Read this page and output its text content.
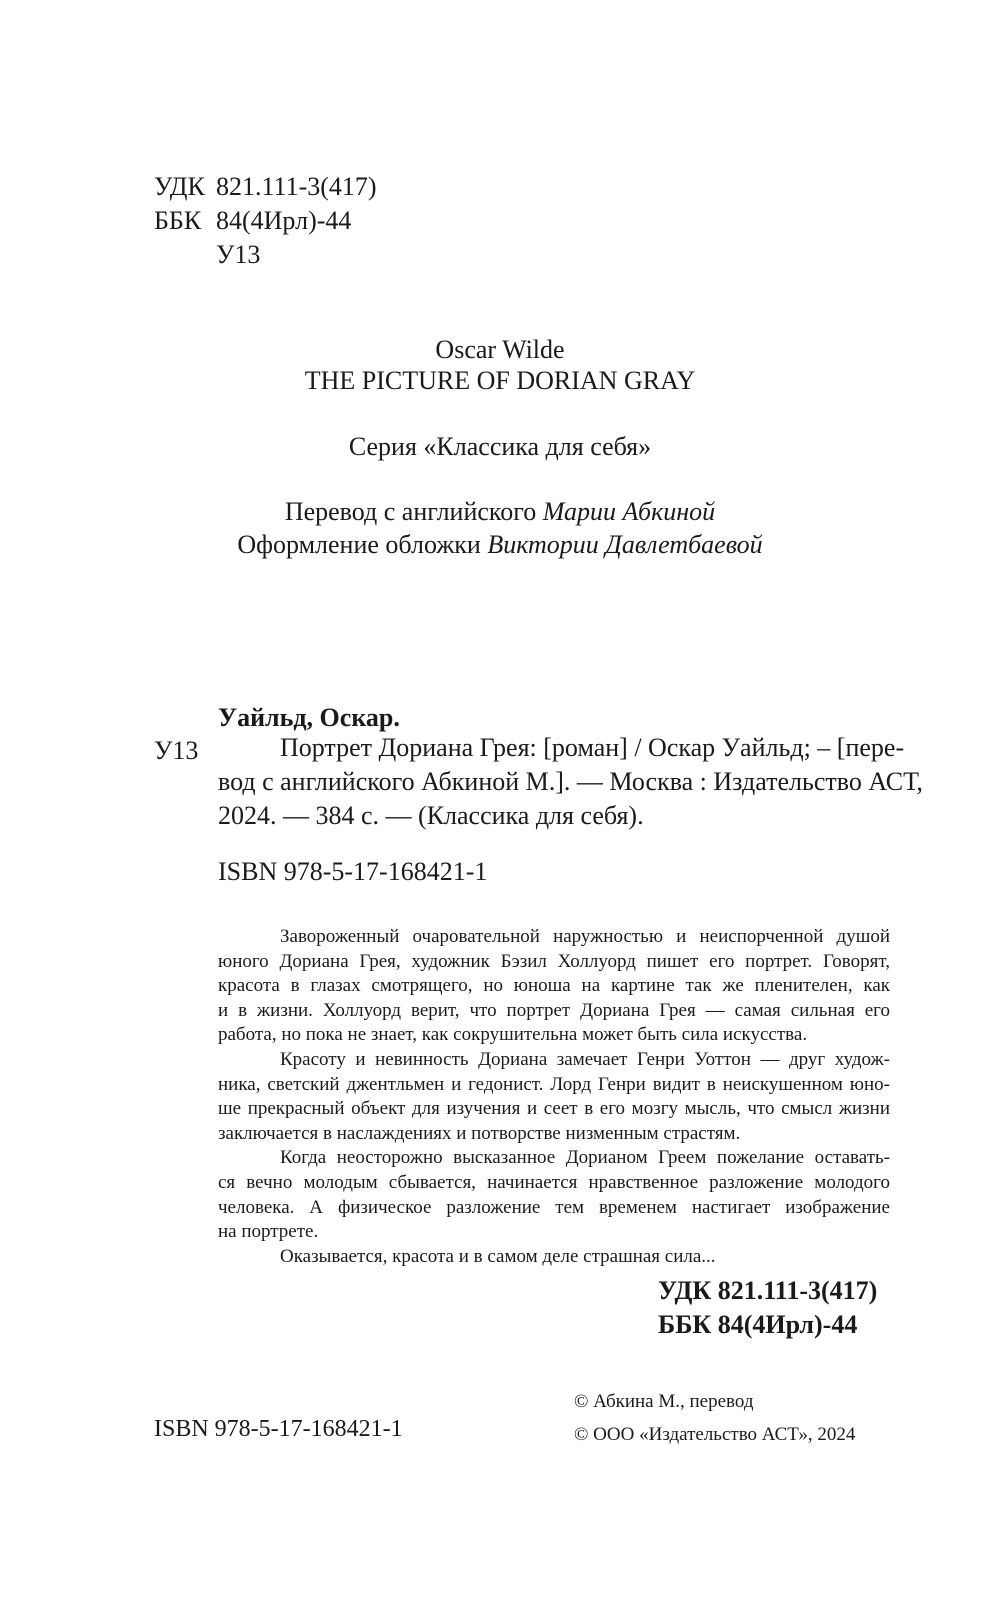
УДК 821.111-3(417)
ББК 84(4Ирл)-44
У13
Oscar Wilde
THE PICTURE OF DORIAN GRAY
Серия «Классика для себя»
Перевод с английского Марии Абкиной
Оформление обложки Виктории Давлетбаевой
Уайльд, Оскар.
У13	Портрет Дориана Грея: [роман] / Оскар Уайльд; – [пере-
вод с английского Абкиной М.]. — Москва : Издательство АСТ,
2024. — 384 с. — (Классика для себя).
ISBN 978-5-17-168421-1
Завороженный очаровательной наружностью и неиспорченной душой
юного Дориана Грея, художник Бэзил Холлуорд пишет его портрет. Говорят,
красота в глазах смотрящего, но юноша на картине так же пленителен, как
и в жизни. Холлуорд верит, что портрет Дориана Грея — самая сильная его
работа, но пока не знает, как сокрушительна может быть сила искусства.
Красоту и невинность Дориана замечает Генри Уоттон — друг худож-
ника, светский джентльмен и гедонист. Лорд Генри видит в неискушенном юно-
ше прекрасный объект для изучения и сеет в его мозгу мысль, что смысл жизни
заключается в наслаждениях и потворстве низменным страстям.
Когда неосторожно высказанное Дорианом Греем пожелание оставать-
ся вечно молодым сбывается, начинается нравственное разложение молодого
человека. А физическое разложение тем временем настигает изображение
на портрете.
Оказывается, красота и в самом деле страшная сила...
УДК 821.111-3(417)
ББК 84(4Ирл)-44
© Абкина М., перевод
© ООО «Издательство АСТ», 2024
ISBN 978-5-17-168421-1
